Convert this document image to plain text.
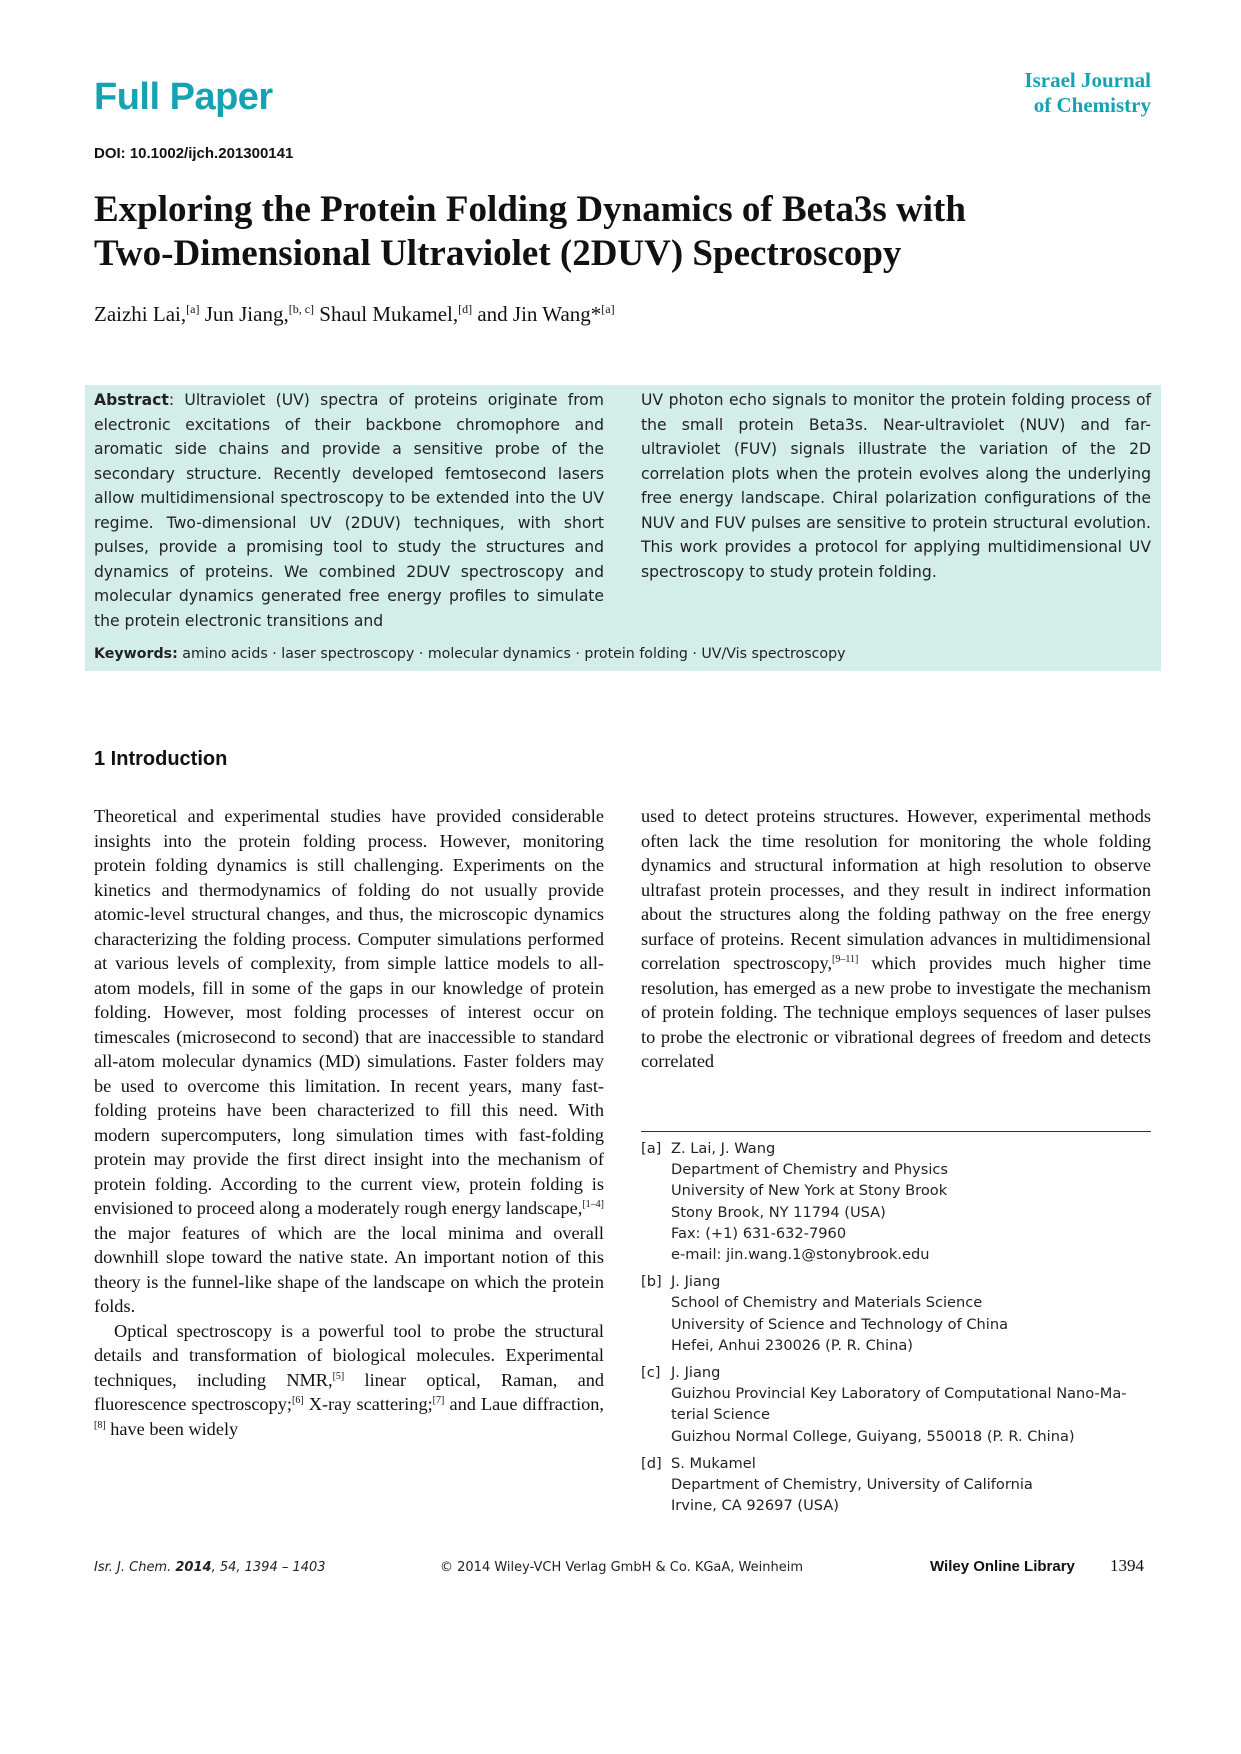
Full Paper	Israel Journal
of Chemistry
DOI: 10.1002/ijch.201300141
Exploring the Protein Folding Dynamics of Beta3s with
Two-Dimensional Ultraviolet (2DUV) Spectroscopy
Zaizhi Lai,[a] Jun Jiang,[b, c] Shaul Mukamel,[d] and Jin Wang*[a]
Abstract: Ultraviolet (UV) spectra of proteins originate from electronic excitations of their backbone chromophore and aromatic side chains and provide a sensitive probe of the secondary structure. Recently developed femtosecond lasers allow multidimensional spectroscopy to be extended into the UV regime. Two-dimensional UV (2DUV) techniques, with short pulses, provide a promising tool to study the structures and dynamics of proteins. We combined 2DUV spectroscopy and molecular dynamics generated free energy profiles to simulate the protein electronic transitions and
UV photon echo signals to monitor the protein folding process of the small protein Beta3s. Near-ultraviolet (NUV) and far-ultraviolet (FUV) signals illustrate the variation of the 2D correlation plots when the protein evolves along the underlying free energy landscape. Chiral polarization configurations of the NUV and FUV pulses are sensitive to protein structural evolution. This work provides a protocol for applying multidimensional UV spectroscopy to study protein folding.
Keywords: amino acids · laser spectroscopy · molecular dynamics · protein folding · UV/Vis spectroscopy
1 Introduction

Theoretical and experimental studies have provided considerable insights into the protein folding process. However, monitoring protein folding dynamics is still challenging. Experiments on the kinetics and thermodynamics of folding do not usually provide atomic-level structural changes, and thus, the microscopic dynamics characterizing the folding process. Computer simulations performed at various levels of complexity, from simple lattice models to all-atom models, fill in some of the gaps in our knowledge of protein folding. However, most folding processes of interest occur on timescales (microsecond to second) that are inaccessible to standard all-atom molecular dynamics (MD) simulations. Faster folders may be used to overcome this limitation. In recent years, many fast-folding proteins have been characterized to fill this need. With modern supercomputers, long simulation times with fast-folding protein may provide the first direct insight into the mechanism of protein folding. According to the current view, protein folding is envisioned to proceed along a moderately rough energy landscape,[1–4] the major features of which are the local minima and overall downhill slope toward the native state. An important notion of this theory is the funnel-like shape of the landscape on which the protein folds.

Optical spectroscopy is a powerful tool to probe the structural details and transformation of biological molecules. Experimental techniques, including NMR,[5] linear optical, Raman, and fluorescence spectroscopy;[6] X-ray scattering;[7] and Laue diffraction,[8] have been widely

used to detect proteins structures. However, experimental methods often lack the time resolution for monitoring the whole folding dynamics and structural information at high resolution to observe ultrafast protein processes, and they result in indirect information about the structures along the folding pathway on the free energy surface of proteins. Recent simulation advances in multidimensional correlation spectroscopy,[9–11] which provides much higher time resolution, has emerged as a new probe to investigate the mechanism of protein folding. The technique employs sequences of laser pulses to probe the electronic or vibrational degrees of freedom and detects correlated

[a] Z. Lai, J. Wang
Department of Chemistry and Physics
University of New York at Stony Brook
Stony Brook, NY 11794 (USA)
Fax: (+1) 631-632-7960
e-mail: jin.wang.1@stonybrook.edu
[b] J. Jiang
School of Chemistry and Materials Science
University of Science and Technology of China
Hefei, Anhui 230026 (P. R. China)
[c] J. Jiang
Guizhou Provincial Key Laboratory of Computational Nano-Ma-
terial Science
Guizhou Normal College, Guiyang, 550018 (P. R. China)
[d] S. Mukamel
Department of Chemistry, University of California
Irvine, CA 92697 (USA)
Isr. J. Chem. 2014, 54, 1394 – 1403	© 2014 Wiley-VCH Verlag GmbH & Co. KGaA, Weinheim	Wiley Online Library 1394
